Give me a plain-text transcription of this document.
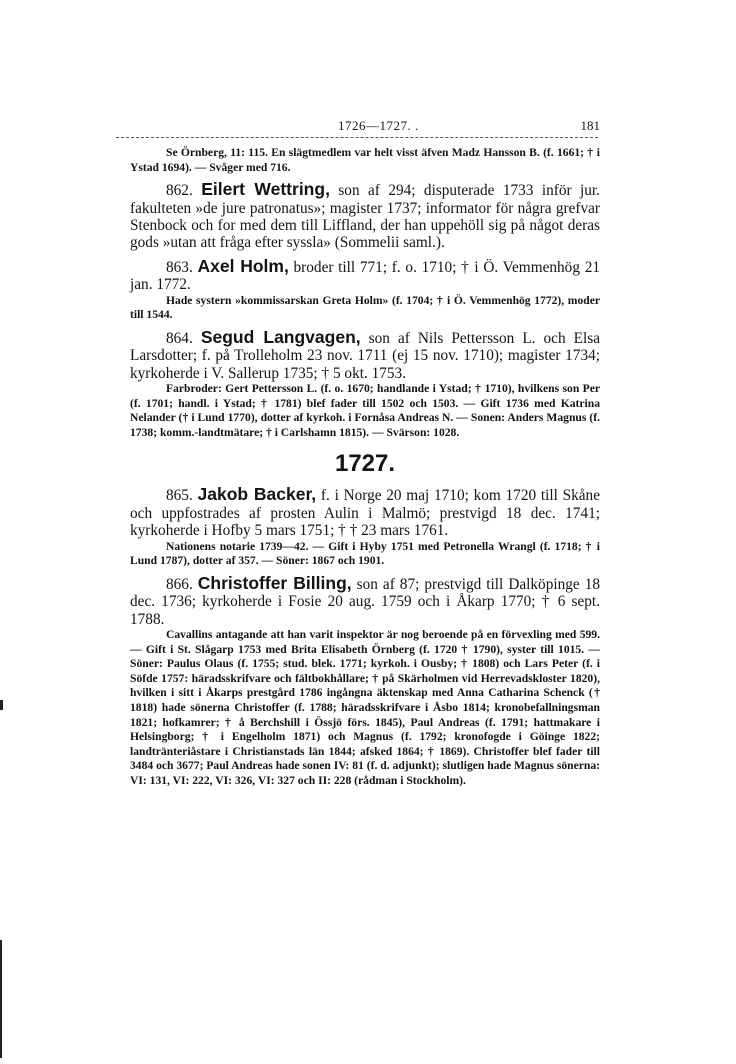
1726—1727. .	181

Se Örnberg, 11: 115. En slägtmedlem var helt visst äfven Madz Hansson B. (f. 1661; † i Ystad 1694). — Svåger med 716.

862. Eilert Wettring, son af 294; disputerade 1733 inför jur. fakulteten »de jure patronatus»; magister 1737; informator för några grefvar Stenbock och for med dem till Liffland, der han uppehöll sig på något deras gods »utan att fråga efter syssla» (Sommelii saml.).

863. Axel Holm, broder till 771; f. o. 1710; † i Ö. Vemmenhög 21 jan. 1772.

Hade systern »kommissarskan Greta Holm» (f. 1704; † i Ö. Vemmenhög 1772), moder till 1544.

864. Segud Langvagen, son af Nils Pettersson L. och Elsa Larsdotter; f. på Trolleholm 23 nov. 1711 (ej 15 nov. 1710); magister 1734; kyrkoherde i V. Sallerup 1735; † 5 okt. 1753.

Farbroder: Gert Pettersson L. (f. o. 1670; handlande i Ystad; † 1710), hvilkens son Per (f. 1701; handl. i Ystad; † 1781) blef fader till 1502 och 1503. — Gift 1736 med Katrina Nelander († i Lund 1770), dotter af kyrkoh. i Fornåsa Andreas N. — Sonen: Anders Magnus (f. 1738; komm.-landtmätare; † i Carlshamn 1815). — Svärson: 1028.

1727.

865. Jakob Backer, f. i Norge 20 maj 1710; kom 1720 till Skåne och uppfostrades af prosten Aulin i Malmö; prestvigd 18 dec. 1741; kyrkoherde i Hofby 5 mars 1751; † † 23 mars 1761.

Nationens notarie 1739—42. — Gift i Hyby 1751 med Petronella Wrangl (f. 1718; † i Lund 1787), dotter af 357. — Söner: 1867 och 1901.

866. Christoffer Billing, son af 87; prestvigd till Dalköpinge 18 dec. 1736; kyrkoherde i Fosie 20 aug. 1759 och i Åkarp 1770; † 6 sept. 1788.

Cavallins antagande att han varit inspektor är nog beroende på en förvexling med 599. — Gift i St. Slågarp 1753 med Brita Elisabeth Örnberg (f. 1720 † 1790), syster till 1015. — Söner: Paulus Olaus (f. 1755; stud. blek. 1771; kyrkoh. i Ousby; † 1808) och Lars Peter (f. i Söfde 1757: häradsskrifvare och fältbokhållare; † på Skärholmen vid Herrevadskloster 1820), hvilken i sitt i Åkarps prestgård 1786 ingångna äktenskap med Anna Catharina Schenck († 1818) hade sönerna Christoffer (f. 1788; häradsskrifvare i Åsbo 1814; kronobefallningsman 1821; hofkamrer; † å Berchshill i Össjö förs. 1845), Paul Andreas (f. 1791; hattmakare i Helsingborg; † i Engelholm 1871) och Magnus (f. 1792; kronofogde i Göinge 1822; landtränteriåstare i Christianstads län 1844; afsked 1864; † 1869). Christoffer blef fader till 3484 och 3677; Paul Andreas hade sonen IV: 81 (f. d. adjunkt); slutligen hade Magnus sönerna: VI: 131, VI: 222, VI: 326, VI: 327 och II: 228 (rådman i Stockholm).
